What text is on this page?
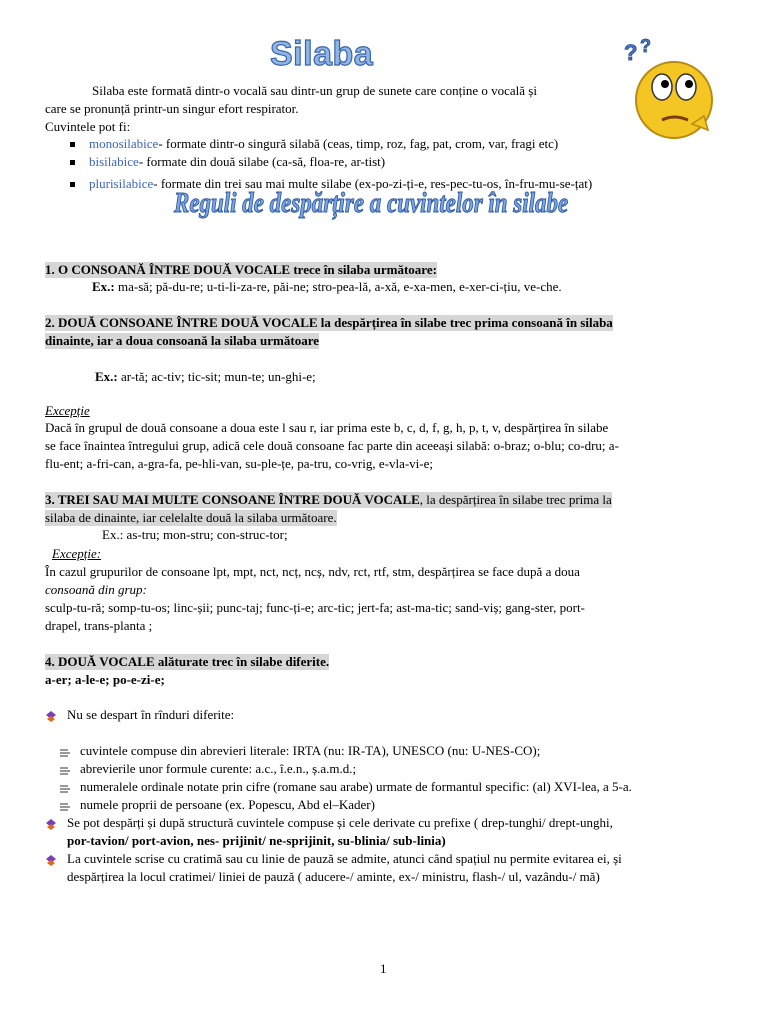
Silaba	? ?
Silaba este formată dintr-o vocală sau dintr-un grup de sunete care conține o vocală și
care se pronunță printr-un singur efort respirator.
Cuvintele pot fi:
monosilabice- formate dintr-o singură silabă (ceas, timp, roz, fag, pat, crom, var, fragi etc)
bisilabice- formate din două silabe (ca-să, floa-re, ar-tist)
plurisilabice- formate din trei sau mai multe silabe (ex-po-zi-ți-e, res-pec-tu-os, în-fru-mu-se-țat)
Reguli de despărțire a cuvintelor în silabe
1. O CONSOANĂ ÎNTRE DOUĂ VOCALE trece în silaba următoare:
Ex.: ma-să; pă-du-re; u-ti-li-za-re, păi-ne; stro-pea-lă, a-xă, e-xa-men, e-xer-ci-țiu, ve-che.
2. DOUĂ CONSOANE ÎNTRE DOUĂ VOCALE la despărțirea în silabe trec prima consoană în silaba
dinainte, iar a doua consoană la silaba următoare
Ex.: ar-tă; ac-tiv; tic-sit; mun-te; un-ghi-e;
Excepție
Dacă în grupul de două consoane a doua este l sau r, iar prima este b, c, d, f, g, h, p, t, v, despărțirea în silabe
se face înaintea întregului grup, adică cele două consoane fac parte din aceeași silabă: o-braz; o-blu; co-dru; a-
flu-ent; a-fri-can, a-gra-fa, pe-hli-van, su-ple-țe, pa-tru, co-vrig, e-vla-vi-e;
3. TREI SAU MAI MULTE CONSOANE ÎNTRE DOUĂ VOCALE, la despărțirea în silabe trec prima la
silaba de dinainte, iar celelalte două la silaba următoare.
Ex.: as-tru; mon-stru; con-struc-tor;
Excepție:
În cazul grupurilor de consoane lpt, mpt, nct, ncț, ncș, ndv, rct, rtf, stm, despărțirea se face după a doua
consoană din grup:
sculp-tu-ră; somp-tu-os; linc-șii; punc-taj; func-ți-e; arc-tic; jert-fa; ast-ma-tic; sand-viș; gang-ster, port-
drapel, trans-planta ;
4. DOUĂ VOCALE alăturate trec în silabe diferite.
a-er; a-le-e; po-e-zi-e;
Nu se despart în rînduri diferite:
cuvintele compuse din abrevieri literale: IRTA (nu: IR-TA), UNESCO (nu: U-NES-CO);
abrevierile unor formule curente: a.c., î.e.n., ș.a.m.d.;
numeralele ordinale notate prin cifre (romane sau arabe) urmate de formantul specific: (al) XVI-lea, a 5-a.
numele proprii de persoane (ex. Popescu, Abd el–Kader)
Se pot despărți și după structură cuvintele compuse și cele derivate cu prefixe ( drep-tunghi/ drept-unghi,
por-tavion/ port-avion, nes- prijinit/ ne-sprijinit, su-blinia/ sub-linia)
La cuvintele scrise cu cratimă sau cu linie de pauză se admite, atunci când spațiul nu permite evitarea ei, și
despărțirea la locul cratimei/ liniei de pauză ( aducere-/ aminte, ex-/ ministru, flash-/ ul, vazându-/ mă)
1
